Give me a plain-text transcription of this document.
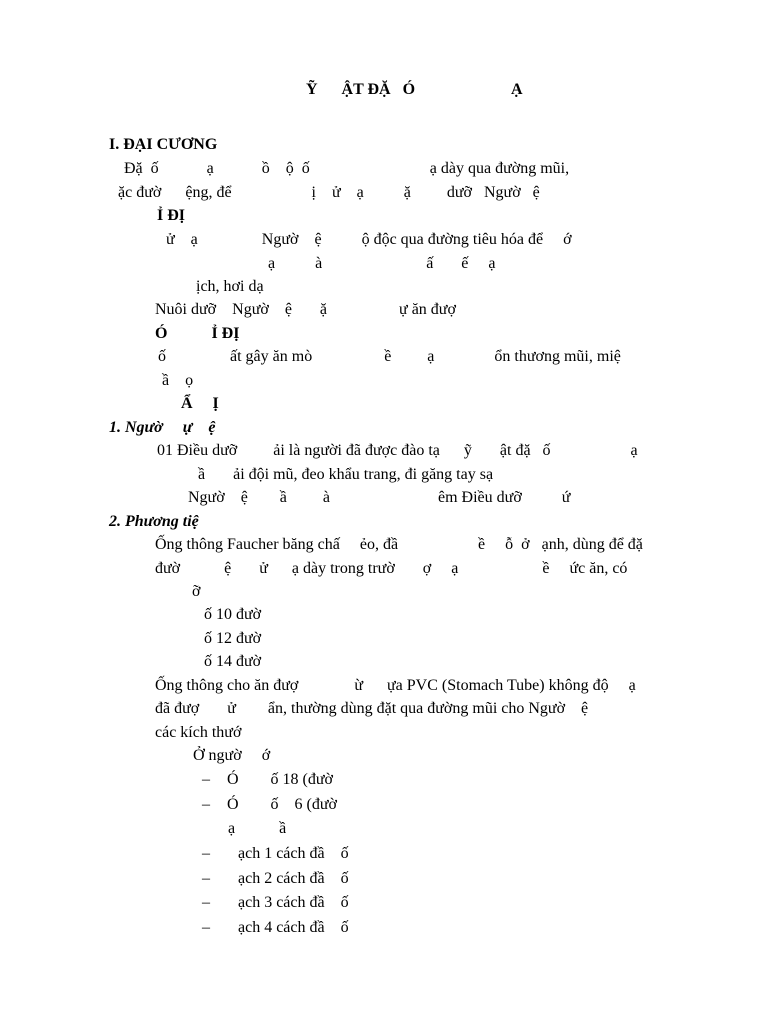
Ỹ      ẬT ĐẶ   Ó                        Ạ
I. ĐẠI CƯƠNG
Đặ  ố            ạ            ồ    ộ  ố                              ạ dày qua đường mũi,
ặc đườ      ệng, để                    ị    ử    ạ          ặ         dưỡ   Ngườ   ệ
Ỉ ĐỊ
ử    ạ                Ngườ    ệ          ộ độc qua đường tiêu hóa để     ớ
ạ          à                          ấ       ế     ạ
ịch, hơi dạ
Nuôi dưỡ    Ngườ    ệ       ặ                  ự ăn đượ
Ó           Ỉ ĐỊ
ố                ất gây ăn mò                  ề         ạ               ổn thương mũi, miệ
ầ    ọ
Ẩ     Ị
1. Ngườ     ự    ệ
01 Điều dưỡ         ải là người đã được đào tạ      ỹ       ật đặ   ố                    ạ
ầ       ải đội mũ, đeo khẩu trang, đi găng tay sạ
Ngườ    ệ        ầ         à                           êm Điều dưỡ          ứ
2. Phương tiệ
Ống thông Faucher băng chấ     ẻo, đầ                    ề     ỗ  ở   ạnh, dùng để đặ
đườ           ệ       ử      ạ dày trong trườ       ợ     ạ                     ề     ức ăn, có
ỡ
ố 10 đườ
ố 12 đườ
ố 14 đườ
Ống thông cho ăn đượ              ừ      ựa PVC (Stomach Tube) không độ     ạ
đã đượ       ử        ẩn, thường dùng đặt qua đường mũi cho Ngườ    ệ
các kích thướ
Ở ngườ     ớ
– Ó        ố 18 (đườ
– Ó        ố    6 (đườ
ạ           ầ
– ạch 1 cách đầ    ố
– ạch 2 cách đầ    ố
– ạch 3 cách đầ    ố
– ạch 4 cách đầ    ố
